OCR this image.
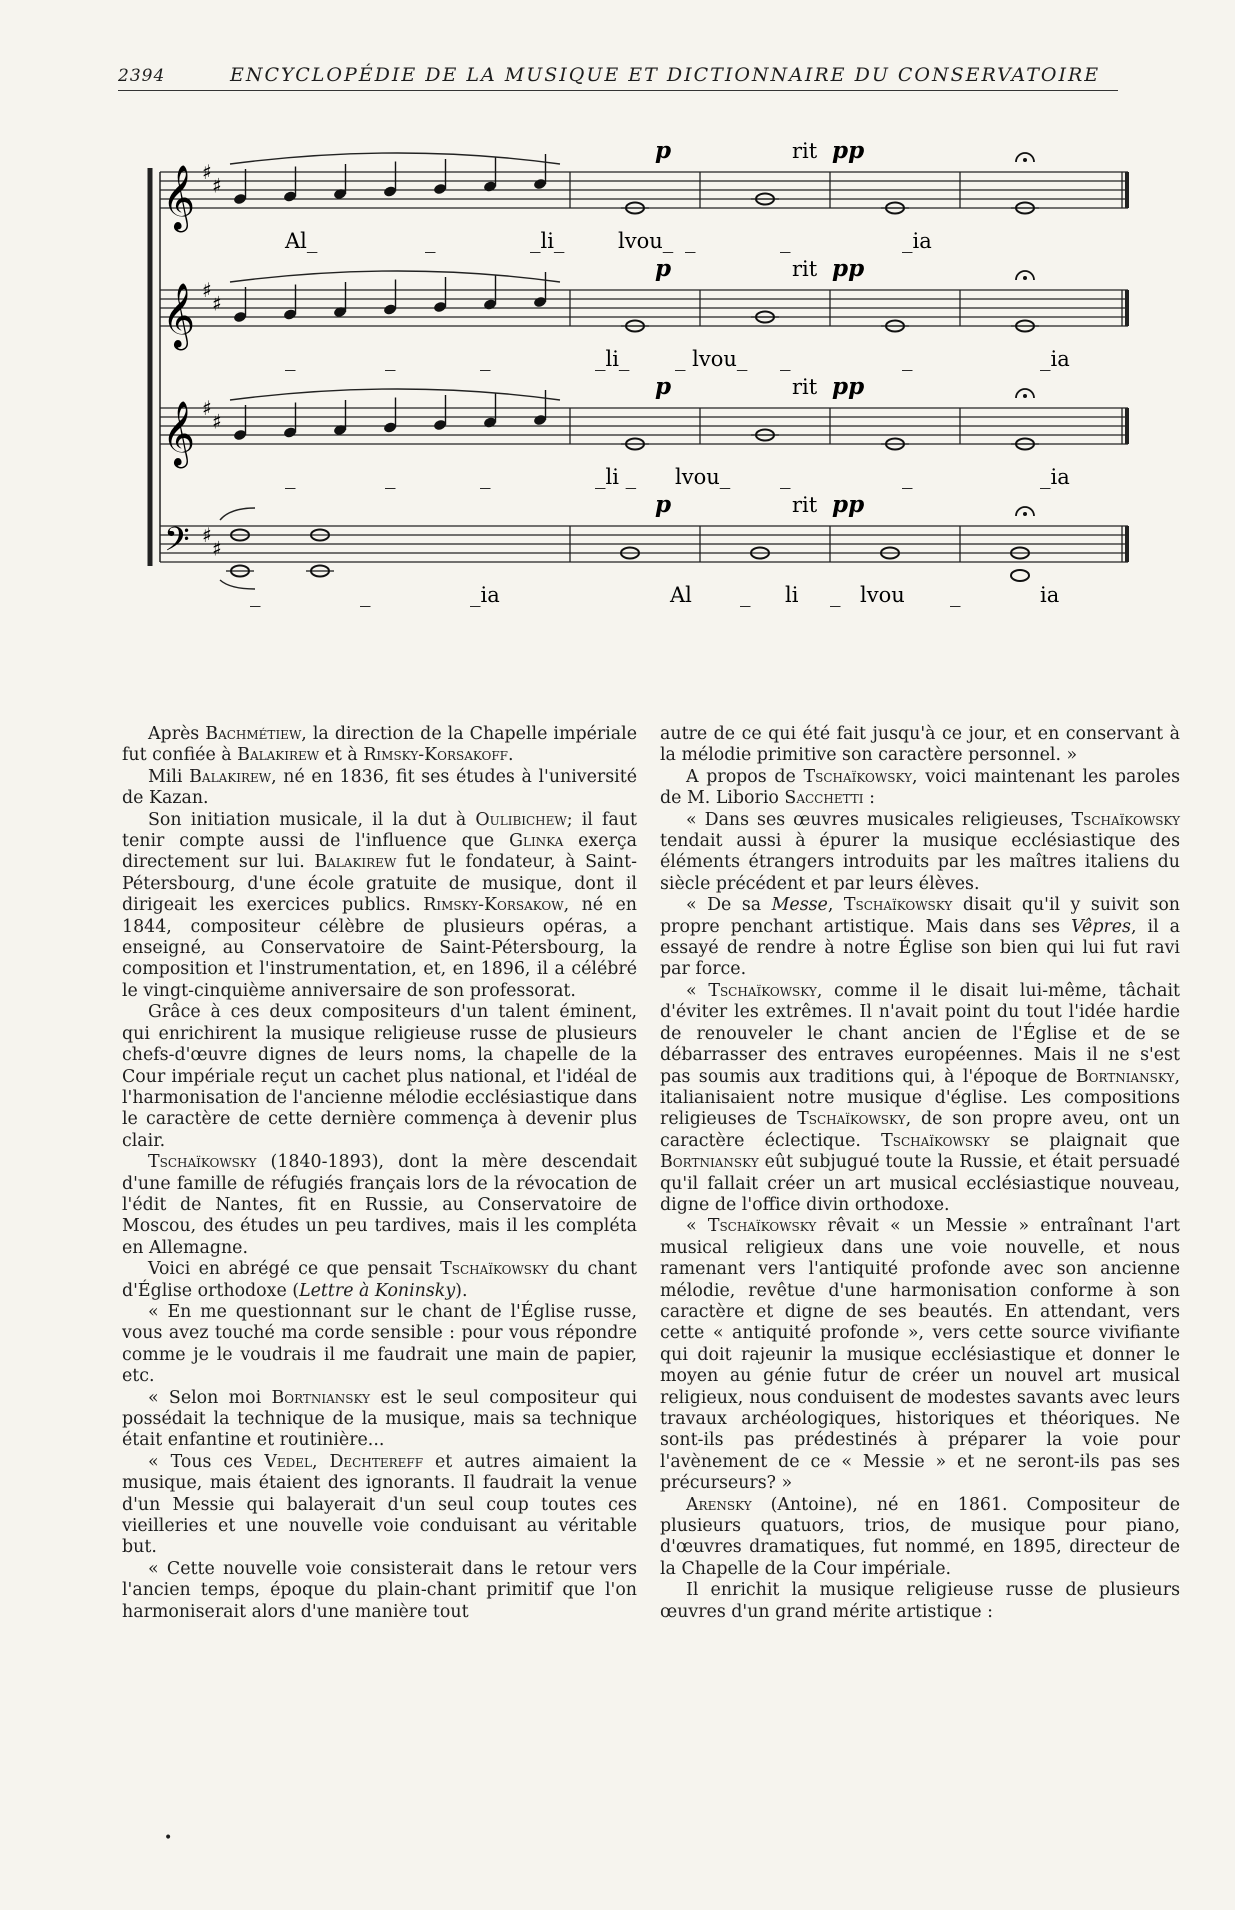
2394	ENCYCLOPÉDIE DE LA MUSIQUE ET DICTIONNAIRE DU CONSERVATOIRE
𝄞 ♯
♯
p	rit pp
Al_	_	_li_	lvou_ _	_	_ia
𝄞 ♯
♯
p	rit pp
_	_	_	_li_ _ lvou_ _	_	_ia
𝄞 ♯
♯
p	rit pp
_	_	_	_li _ lvou_ _	_	_ia
𝄢 ♯
♯
p	rit pp
_	_	_ia	Al _ li _ lvou _	ia

Après Bachmétiew, la direction de la Chapelle impériale fut confiée à Balakirew et à Rimsky-Korsakoff.

Mili Balakirew, né en 1836, fit ses études à l'université de Kazan.

Son initiation musicale, il la dut à Oulibichew; il faut tenir compte aussi de l'influence que Glinka exerça directement sur lui. Balakirew fut le fondateur, à Saint-Pétersbourg, d'une école gratuite de musique, dont il dirigeait les exercices publics. Rimsky-Korsakow, né en 1844, compositeur célèbre de plusieurs opéras, a enseigné, au Conservatoire de Saint-Pétersbourg, la composition et l'instrumentation, et, en 1896, il a célébré le vingt-cinquième anniversaire de son professorat.

Grâce à ces deux compositeurs d'un talent éminent, qui enrichirent la musique religieuse russe de plusieurs chefs-d'œuvre dignes de leurs noms, la chapelle de la Cour impériale reçut un cachet plus national, et l'idéal de l'harmonisation de l'ancienne mélodie ecclésiastique dans le caractère de cette dernière commença à devenir plus clair.

Tschaïkowsky (1840-1893), dont la mère descendait d'une famille de réfugiés français lors de la révocation de l'édit de Nantes, fit en Russie, au Conservatoire de Moscou, des études un peu tardives, mais il les compléta en Allemagne.

Voici en abrégé ce que pensait Tschaïkowsky du chant d'Église orthodoxe (Lettre à Koninsky).

« En me questionnant sur le chant de l'Église russe, vous avez touché ma corde sensible : pour vous répondre comme je le voudrais il me faudrait une main de papier, etc.

« Selon moi Bortniansky est le seul compositeur qui possédait la technique de la musique, mais sa technique était enfantine et routinière...

« Tous ces Vedel, Dechtereff et autres aimaient la musique, mais étaient des ignorants. Il faudrait la venue d'un Messie qui balayerait d'un seul coup toutes ces vieilleries et une nouvelle voie conduisant au véritable but.

« Cette nouvelle voie consisterait dans le retour vers l'ancien temps, époque du plain-chant primitif que l'on harmoniserait alors d'une manière tout

autre de ce qui été fait jusqu'à ce jour, et en conservant à la mélodie primitive son caractère personnel. »

A propos de Tschaïkowsky, voici maintenant les paroles de M. Liborio Sacchetti :

« Dans ses œuvres musicales religieuses, Tschaïkowsky tendait aussi à épurer la musique ecclésiastique des éléments étrangers introduits par les maîtres italiens du siècle précédent et par leurs élèves.

« De sa Messe, Tschaïkowsky disait qu'il y suivit son propre penchant artistique. Mais dans ses Vêpres, il a essayé de rendre à notre Église son bien qui lui fut ravi par force.

« Tschaïkowsky, comme il le disait lui-même, tâchait d'éviter les extrêmes. Il n'avait point du tout l'idée hardie de renouveler le chant ancien de l'Église et de se débarrasser des entraves européennes. Mais il ne s'est pas soumis aux traditions qui, à l'époque de Bortniansky, italianisaient notre musique d'église. Les compositions religieuses de Tschaïkowsky, de son propre aveu, ont un caractère éclectique. Tschaïkowsky se plaignait que Bortniansky eût subjugué toute la Russie, et était persuadé qu'il fallait créer un art musical ecclésiastique nouveau, digne de l'office divin orthodoxe.

« Tschaïkowsky rêvait « un Messie » entraînant l'art musical religieux dans une voie nouvelle, et nous ramenant vers l'antiquité profonde avec son ancienne mélodie, revêtue d'une harmonisation conforme à son caractère et digne de ses beautés. En attendant, vers cette « antiquité profonde », vers cette source vivifiante qui doit rajeunir la musique ecclésiastique et donner le moyen au génie futur de créer un nouvel art musical religieux, nous conduisent de modestes savants avec leurs travaux archéologiques, historiques et théoriques. Ne sont-ils pas prédestinés à préparer la voie pour l'avènement de ce « Messie » et ne seront-ils pas ses précurseurs? »

Arensky (Antoine), né en 1861. Compositeur de plusieurs quatuors, trios, de musique pour piano, d'œuvres dramatiques, fut nommé, en 1895, directeur de la Chapelle de la Cour impériale.

Il enrichit la musique religieuse russe de plusieurs œuvres d'un grand mérite artistique :

•
